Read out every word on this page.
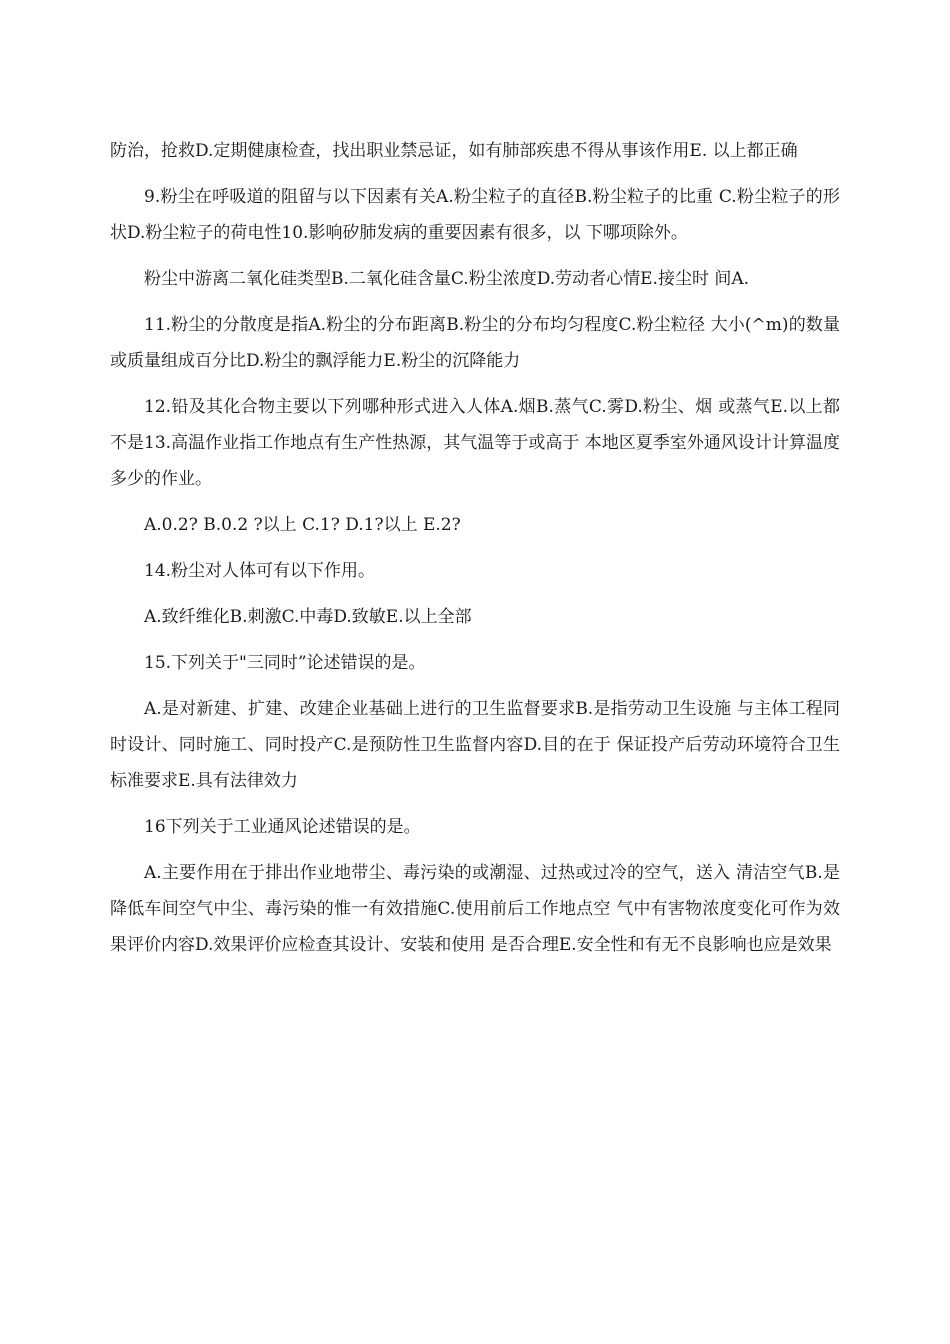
防治，抢救D.定期健康检查，找出职业禁忌证，如有肺部疾患不得从事该作用E. 以上都正确

9.粉尘在呼吸道的阻留与以下因素有关A.粉尘粒子的直径B.粉尘粒子的比重 C.粉尘粒子的形状D.粉尘粒子的荷电性10.影响矽肺发病的重要因素有很多，以 下哪项除外。

粉尘中游离二氧化硅类型B.二氧化硅含量C.粉尘浓度D.劳动者心情E.接尘时 间A.

11.粉尘的分散度是指A.粉尘的分布距离B.粉尘的分布均匀程度C.粉尘粒径 大小(^m)的数量或质量组成百分比D.粉尘的飘浮能力E.粉尘的沉降能力

12.铅及其化合物主要以下列哪种形式进入人体A.烟B.蒸气C.雾D.粉尘、烟 或蒸气E.以上都不是13.高温作业指工作地点有生产性热源，其气温等于或高于 本地区夏季室外通风设计计算温度多少的作业。

A.0.2? B.0.2 ?以上 C.1? D.1?以上 E.2?

14.粉尘对人体可有以下作用。

A.致纤维化B.刺激C.中毒D.致敏E.以上全部

15.下列关于"三同时”论述错误的是。

A.是对新建、扩建、改建企业基础上进行的卫生监督要求B.是指劳动卫生设施 与主体工程同时设计、同时施工、同时投产C.是预防性卫生监督内容D.目的在于 保证投产后劳动环境符合卫生标准要求E.具有法律效力

16下列关于工业通风论述错误的是。

A.主要作用在于排出作业地带尘、毒污染的或潮湿、过热或过冷的空气，送入 清洁空气B.是降低车间空气中尘、毒污染的惟一有效措施C.使用前后工作地点空 气中有害物浓度变化可作为效果评价内容D.效果评价应检查其设计、安装和使用 是否合理E.安全性和有无不良影响也应是效果
